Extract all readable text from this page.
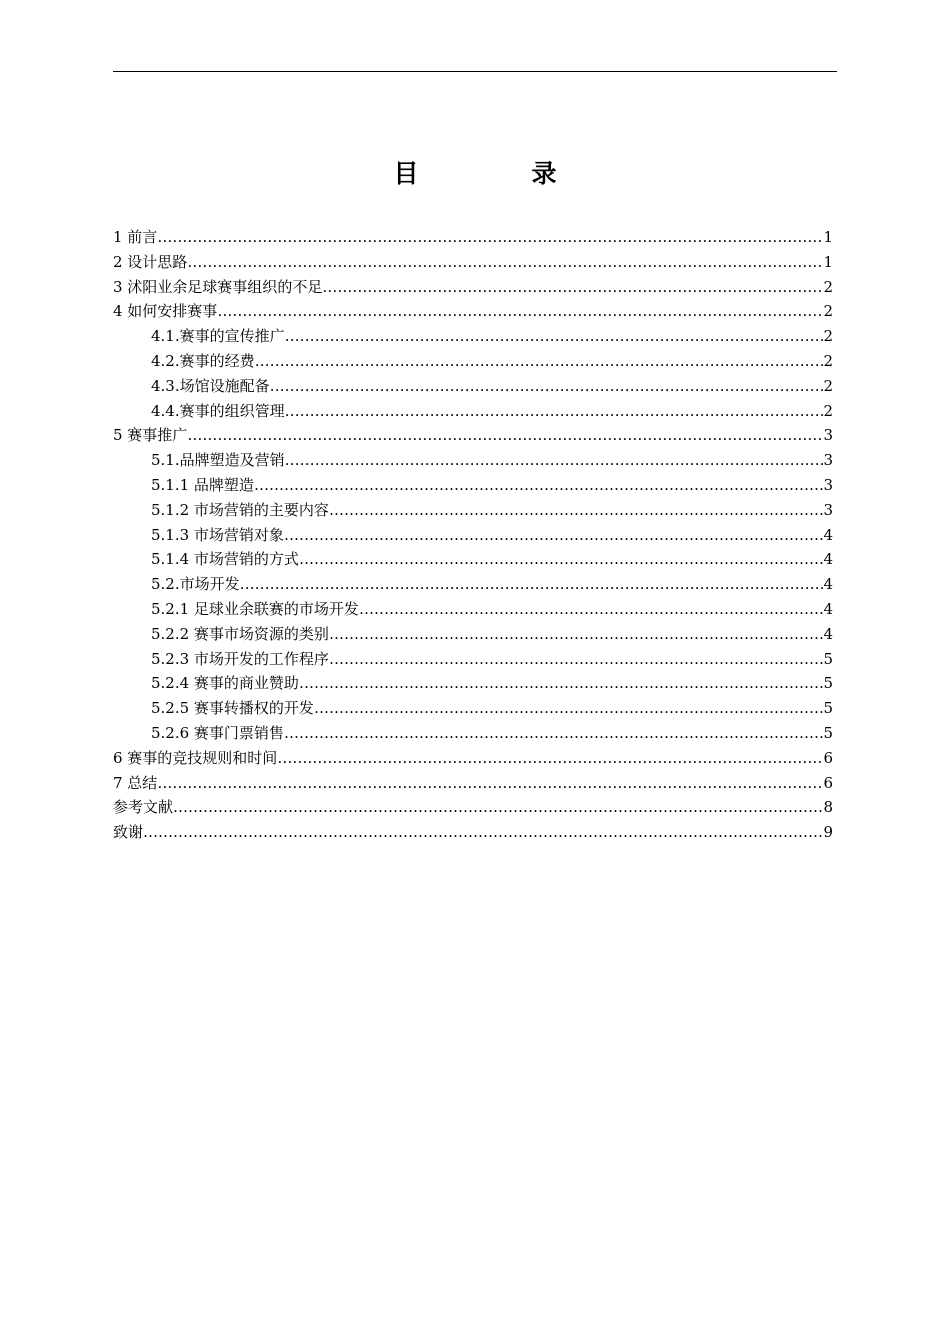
目　录
1 前言 ……………………………………………………………………………………………………………………………………………………………………………………………………………………………………	1
2 设计思路 ……………………………………………………………………………………………………………………………………………………………………………………………………………………………………	1
3 沭阳业余足球赛事组织的不足 ……………………………………………………………………………………………………………………………………………………………………………………………………………………………………	2
4 如何安排赛事 ……………………………………………………………………………………………………………………………………………………………………………………………………………………………………	2
4.1.赛事的宣传推广 ……………………………………………………………………………………………………………………………………………………………………………………………………………………………………	2
4.2.赛事的经费 ……………………………………………………………………………………………………………………………………………………………………………………………………………………………………	2
4.3.场馆设施配备 ……………………………………………………………………………………………………………………………………………………………………………………………………………………………………	2
4.4.赛事的组织管理 ……………………………………………………………………………………………………………………………………………………………………………………………………………………………………	2
5 赛事推广 ……………………………………………………………………………………………………………………………………………………………………………………………………………………………………	3
5.1.品牌塑造及营销 ……………………………………………………………………………………………………………………………………………………………………………………………………………………………………	3
5.1.1 品牌塑造 ……………………………………………………………………………………………………………………………………………………………………………………………………………………………………	3
5.1.2 市场营销的主要内容 ……………………………………………………………………………………………………………………………………………………………………………………………………………………………………	3
5.1.3 市场营销对象 ……………………………………………………………………………………………………………………………………………………………………………………………………………………………………	4
5.1.4 市场营销的方式 ……………………………………………………………………………………………………………………………………………………………………………………………………………………………………	4
5.2.市场开发 ……………………………………………………………………………………………………………………………………………………………………………………………………………………………………	4
5.2.1 足球业余联赛的市场开发 ……………………………………………………………………………………………………………………………………………………………………………………………………………………………………	4
5.2.2 赛事市场资源的类别 ……………………………………………………………………………………………………………………………………………………………………………………………………………………………………	4
5.2.3 市场开发的工作程序 ……………………………………………………………………………………………………………………………………………………………………………………………………………………………………	5
5.2.4 赛事的商业赞助 ……………………………………………………………………………………………………………………………………………………………………………………………………………………………………	5
5.2.5 赛事转播权的开发 ……………………………………………………………………………………………………………………………………………………………………………………………………………………………………	5
5.2.6 赛事门票销售 ……………………………………………………………………………………………………………………………………………………………………………………………………………………………………	5
6 赛事的竞技规则和时间 ……………………………………………………………………………………………………………………………………………………………………………………………………………………………………	6
7 总结 ……………………………………………………………………………………………………………………………………………………………………………………………………………………………………	6
参考文献 ……………………………………………………………………………………………………………………………………………………………………………………………………………………………………	8
致谢 ……………………………………………………………………………………………………………………………………………………………………………………………………………………………………	9
